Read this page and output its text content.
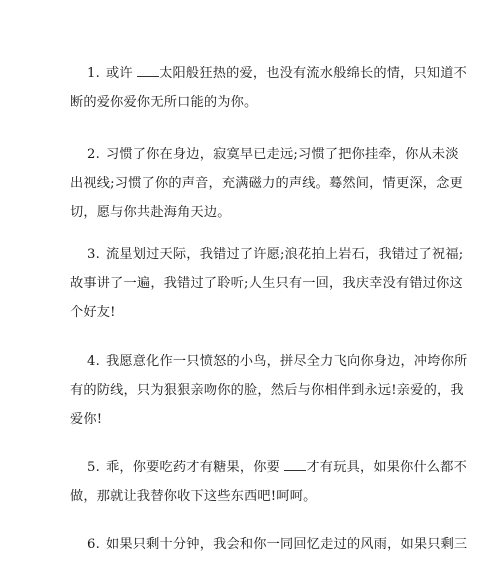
1. 或许 太阳般狂热的爱，也没有流水般绵长的情，只知道不
断的爱你爱你无所口能的为你。
2. 习惯了你在身边，寂寞早已走远;习惯了把你挂牵，你从未淡
出视线;习惯了你的声音，充满磁力的声线。蓦然间，情更深，念更
切，愿与你共赴海角天边。
3. 流星划过天际，我错过了许愿;浪花拍上岩石，我错过了祝福;
故事讲了一遍，我错过了聆听;人生只有一回，我庆幸没有错过你这
个好友!
4. 我愿意化作一只愤怒的小鸟，拼尽全力飞向你身边，冲垮你所
有的防线，只为狠狠亲吻你的脸，然后与你相伴到永远!亲爱的，我
爱你!
5. 乖，你要吃药才有糖果，你要 才有玩具，如果你什么都不
做，那就让我替你收下这些东西吧!呵呵。
6. 如果只剩十分钟，我会和你一同回忆走过的风雨，如果只剩三
